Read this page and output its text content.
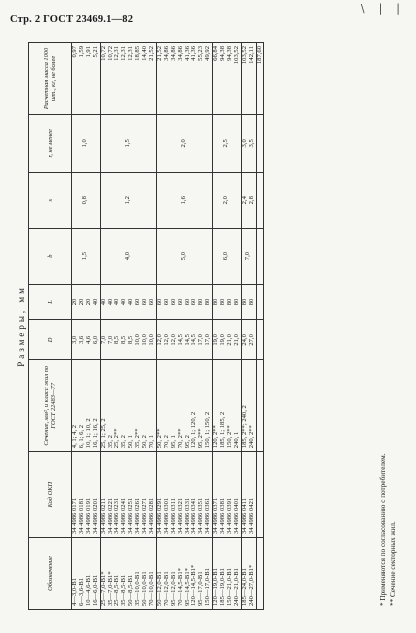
Стр. 2 ГОСТ 23469.1—82
\ | |
Размеры, мм
Обозначение	Код ОКП	Сечение, мм², и класс жил по ГОСТ 22483—77	D	L	b	s	r, не менее	Расчетная масса 1000 шт., кг, не более
4—3,0-В1	34 4986 0171	4, 1; 4, 2	3,0	20	1,5	0,8	1,0	0,97
6—3,6-В1	34 4986 0181	6, 1; 6, 2	3,6	20				1,59
10—4,6-В1	34 4986 0191	10, 1; 10, 2	4,6	20				1,91
16—6,0-В1	34 4986 0201	16, 1; 16, 2	6,0	40				5,21
25—7,0-В1*	34 4986 0211	25, 1; 25, 2	7,0	40	4,0	1,2	1,5	10,72
35—7,0-В1*	34 4986 0221	35, 2	7,0	40				10,72
25—8,5-В1	34 4986 0231	25, 2**	8,5	40				12,31
35—8,5-В1	34 4986 0241	35, 2	8,5	40				12,31
50—8,5-В1	34 4986 0251	50, 1	8,5	40				12,31
35—10,0-В1	34 4986 0261	35, 2**	10,0	60				18,85
50—10,0-В1	34 4986 0271	50, 2	10,0	60				14,40
70—10,0-В1	34 4986 0281	70, 1	10,0	60				21,52
50—12,0-В1	34 4986 0291	50, 2**	12,0	60	5,0	1,6	2,0	21,52
70—12,0-В1	34 4986 0301	70, 2	12,0	60				34,86
95—12,0-В1	34 4986 0311	95, 1	12,0	60				34,86
70—14,5-В1*	34 4986 0321	70, 2**	14,5	60				34,86
95—14,5-В1*	34 4986 0331	95, 2	14,5	60				41,36
120—14,5-В1*	34 4986 0341	120, 1; 120, 2	14,5	60				41,36
95—17,0-В1	34 4986 0351	95, 2**	17,0	80				55,23
150—17,0-В1	34 4986 0361	150, 1; 150, 2	17,0	80				49,92
120—19,0-В1	34 4986 0371	120, 2**	19,0	80	6,0	2,0	2,5	66,84
185—19,0-В1	34 4986 0381	185, 1; 185, 2	19,0	80				94,38
150—21,0-В1	34 4986 0391	150, 2**	21,0	80				94,38
240—21,0-В1	34 4986 0401	240, 1	21,0	80				103,52
185—24,0-В1	34 4986 0411	185, 2**; 240, 2	24,0	80	7,0	2,4	3,0	103,52
240—27,0-В1*	34 4986 0421	240, 2**	27,0	80		2,8	3,5	142,11
								187,60
* Применяются по согласованию с потребителем. ** Сечение секторных жил.
